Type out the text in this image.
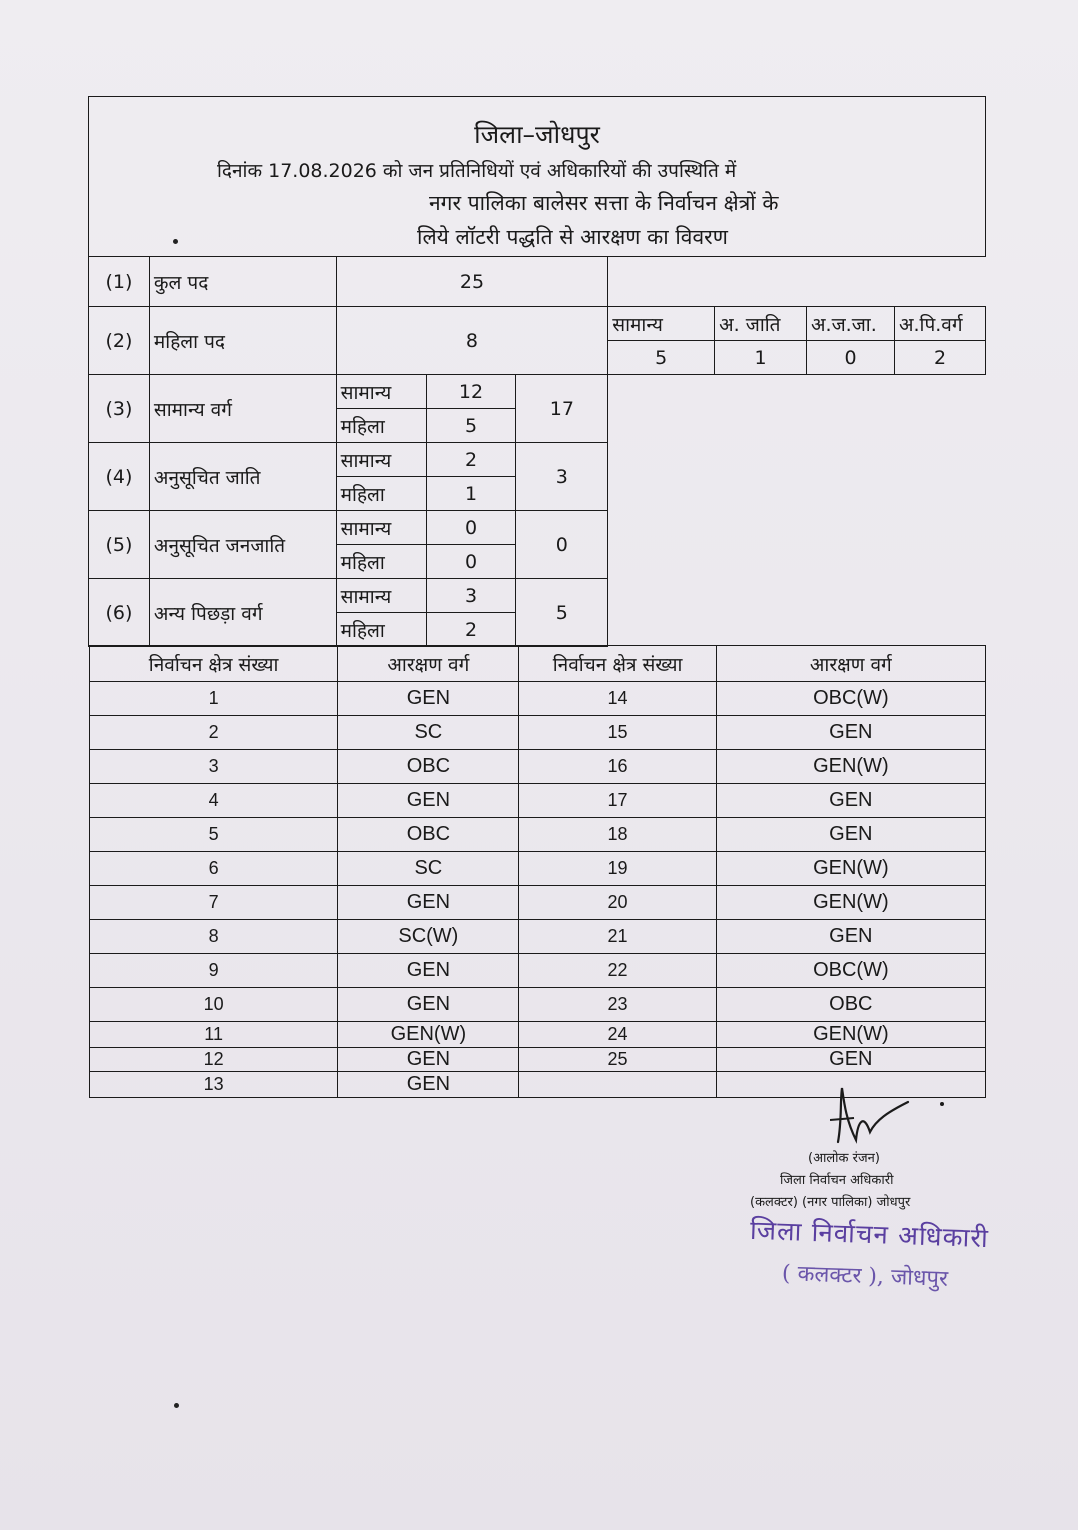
जिला–जोधपुर
दिनांक 17.08.2026 को जन प्रतिनिधियों एवं अधिकारियों की उपस्थिति में
नगर पालिका बालेसर सत्ता के निर्वाचन क्षेत्रों के
लिये लॉटरी पद्धति से आरक्षण का विवरण
(1)	कुल पद	25						
(2)	महिला पद	8			सामान्य	अ. जाति	अ.ज.जा.	अ.पि.वर्ग
					5	1	0	2
(3)	सामान्य वर्ग	सामान्य	12	17				
		महिला	5					
(4)	अनुसूचित जाति	सामान्य	2	3				
		महिला	1					
(5)	अनुसूचित जनजाति	सामान्य	0	0				
		महिला	0					
(6)	अन्य पिछड़ा वर्ग	सामान्य	3	5				
		महिला	2					
निर्वाचन क्षेत्र संख्या	आरक्षण वर्ग	निर्वाचन क्षेत्र संख्या	आरक्षण वर्ग
1	GEN	14	OBC(W)
2	SC	15	GEN
3	OBC	16	GEN(W)
4	GEN	17	GEN
5	OBC	18	GEN
6	SC	19	GEN(W)
7	GEN	20	GEN(W)
8	SC(W)	21	GEN
9	GEN	22	OBC(W)
10	GEN	23	OBC
11	GEN(W)	24	GEN(W)
12	GEN	25	GEN
13	GEN		
(आलोक रंजन)
जिला निर्वाचन अधिकारी
(कलक्टर) (नगर पालिका) जोधपुर
जिला निर्वाचन अधिकारी
( कलक्टर ), जोधपुर
